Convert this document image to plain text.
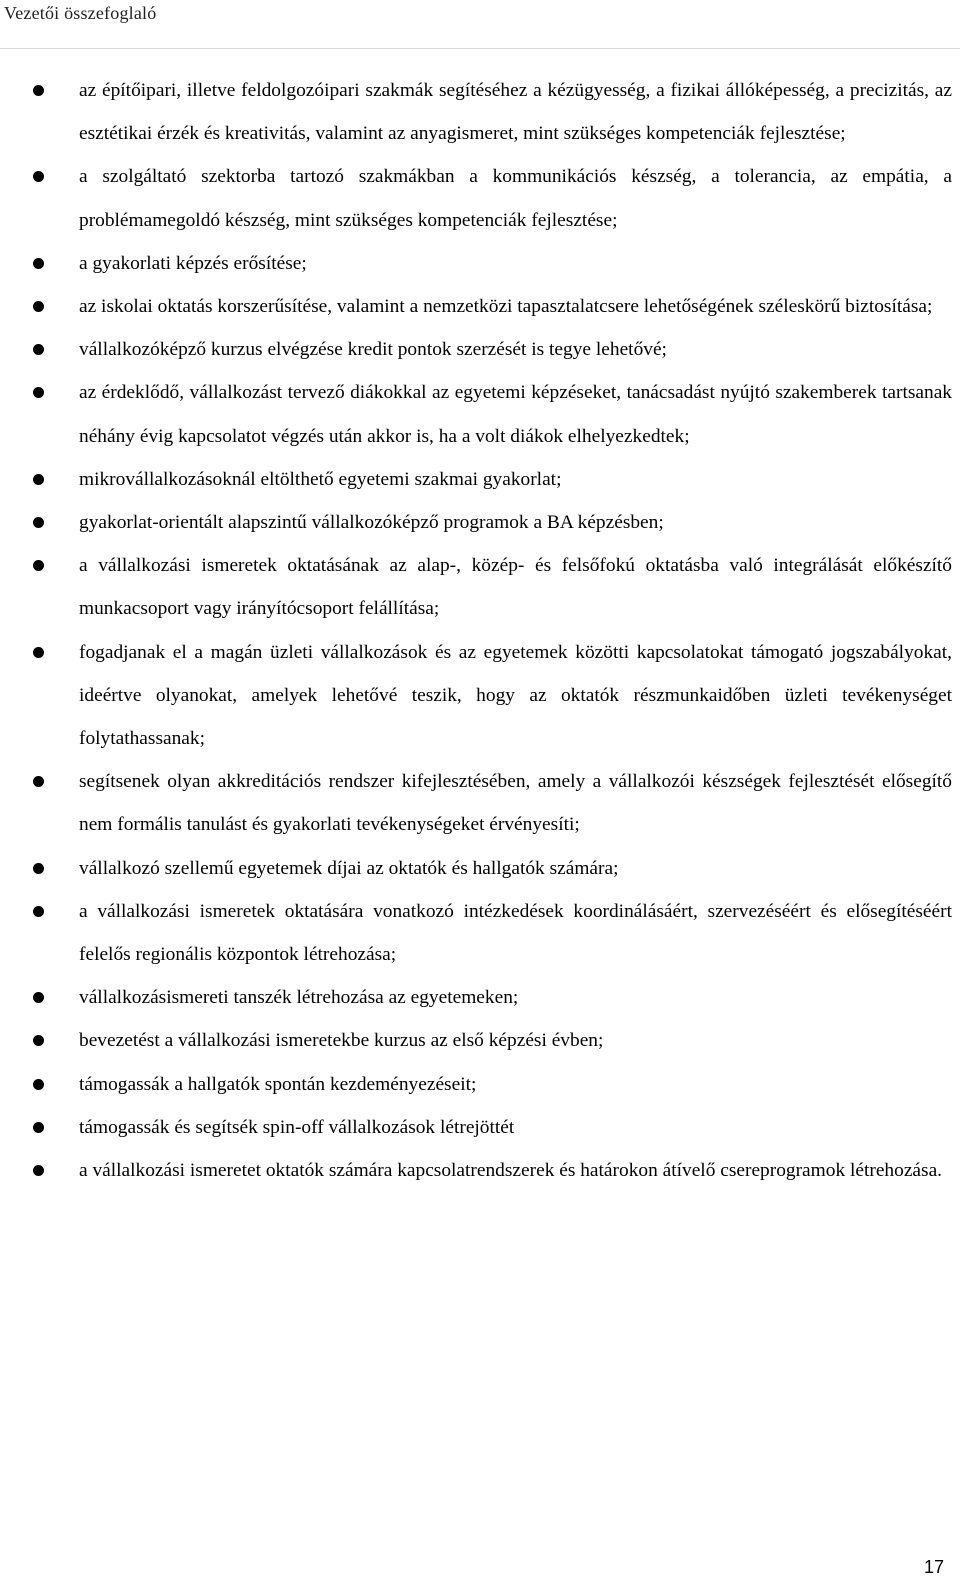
Vezetői összefoglaló
az építőipari, illetve feldolgozóipari szakmák segítéséhez a kézügyesség, a fizikai állóképesség, a precizitás, az esztétikai érzék és kreativitás, valamint az anyagismeret, mint szükséges kompetenciák fejlesztése;
a szolgáltató szektorba tartozó szakmákban a kommunikációs készség, a tolerancia, az empátia, a problémamegoldó készség, mint szükséges kompetenciák fejlesztése;
a gyakorlati képzés erősítése;
az iskolai oktatás korszerűsítése, valamint a nemzetközi tapasztalatcsere lehetőségének széleskörű biztosítása;
vállalkozóképző kurzus elvégzése kredit pontok szerzését is tegye lehetővé;
az érdeklődő, vállalkozást tervező diákokkal az egyetemi képzéseket, tanácsadást nyújtó szakemberek tartsanak néhány évig kapcsolatot végzés után akkor is, ha a volt diákok elhelyezkedtek;
mikrovállalkozásoknál eltölthető egyetemi szakmai gyakorlat;
gyakorlat-orientált alapszintű vállalkozóképző programok a BA képzésben;
a vállalkozási ismeretek oktatásának az alap-, közép- és felsőfokú oktatásba való integrálását előkészítő munkacsoport vagy irányítócsoport felállítása;
fogadjanak el a magán üzleti vállalkozások és az egyetemek közötti kapcsolatokat támogató jogszabályokat, ideértve olyanokat, amelyek lehetővé teszik, hogy az oktatók részmunkaidőben üzleti tevékenységet folytathassanak;
segítsenek olyan akkreditációs rendszer kifejlesztésében, amely a vállalkozói készségek fejlesztését elősegítő nem formális tanulást és gyakorlati tevékenységeket érvényesíti;
vállalkozó szellemű egyetemek díjai az oktatók és hallgatók számára;
a vállalkozási ismeretek oktatására vonatkozó intézkedések koordinálásáért, szervezéséért és elősegítéséért felelős regionális központok létrehozása;
vállalkozásismereti tanszék létrehozása az egyetemeken;
bevezetést a vállalkozási ismeretekbe kurzus az első képzési évben;
támogassák a hallgatók spontán kezdeményezéseit;
támogassák és segítsék spin-off vállalkozások létrejöttét
a vállalkozási ismeretet oktatók számára kapcsolatrendszerek és határokon átívelő csereprogramok létrehozása.
17
